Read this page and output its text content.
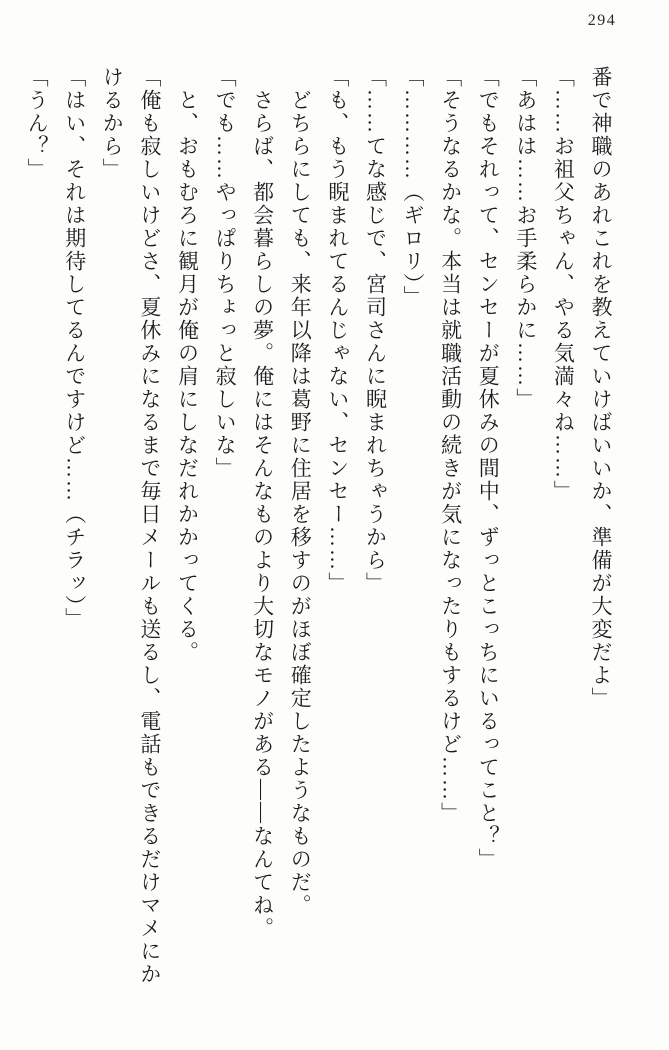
294
番で神職のあれこれを教えていけばいいか、準備が大変だよ」
「……お祖父ちゃん、やる気満々ね……」
「あはは……お手柔らかに……」
「でもそれって、センセーが夏休みの間中、ずっとこっちにいるってこと？」
「そうなるかな。本当は就職活動の続きが気になったりもするけど……」
「…………（ギロリ）」
「……てな感じで、宮司さんに睨まれちゃうから」
「も、もう睨まれてるんじゃない、センセー……」
どちらにしても、来年以降は葛野に住居を移すのがほぼ確定したようなものだ。
さらば、都会暮らしの夢。俺にはそんなものより大切なモノがある——なんてね。
「でも……やっぱりちょっと寂しいな」
と、おもむろに観月が俺の肩にしなだれかかってくる。
「俺も寂しいけどさ、夏休みになるまで毎日メールも送るし、電話もできるだけマメにか
けるから」
「はい、それは期待してるんですけど……（チラッ）」
「うん？」
